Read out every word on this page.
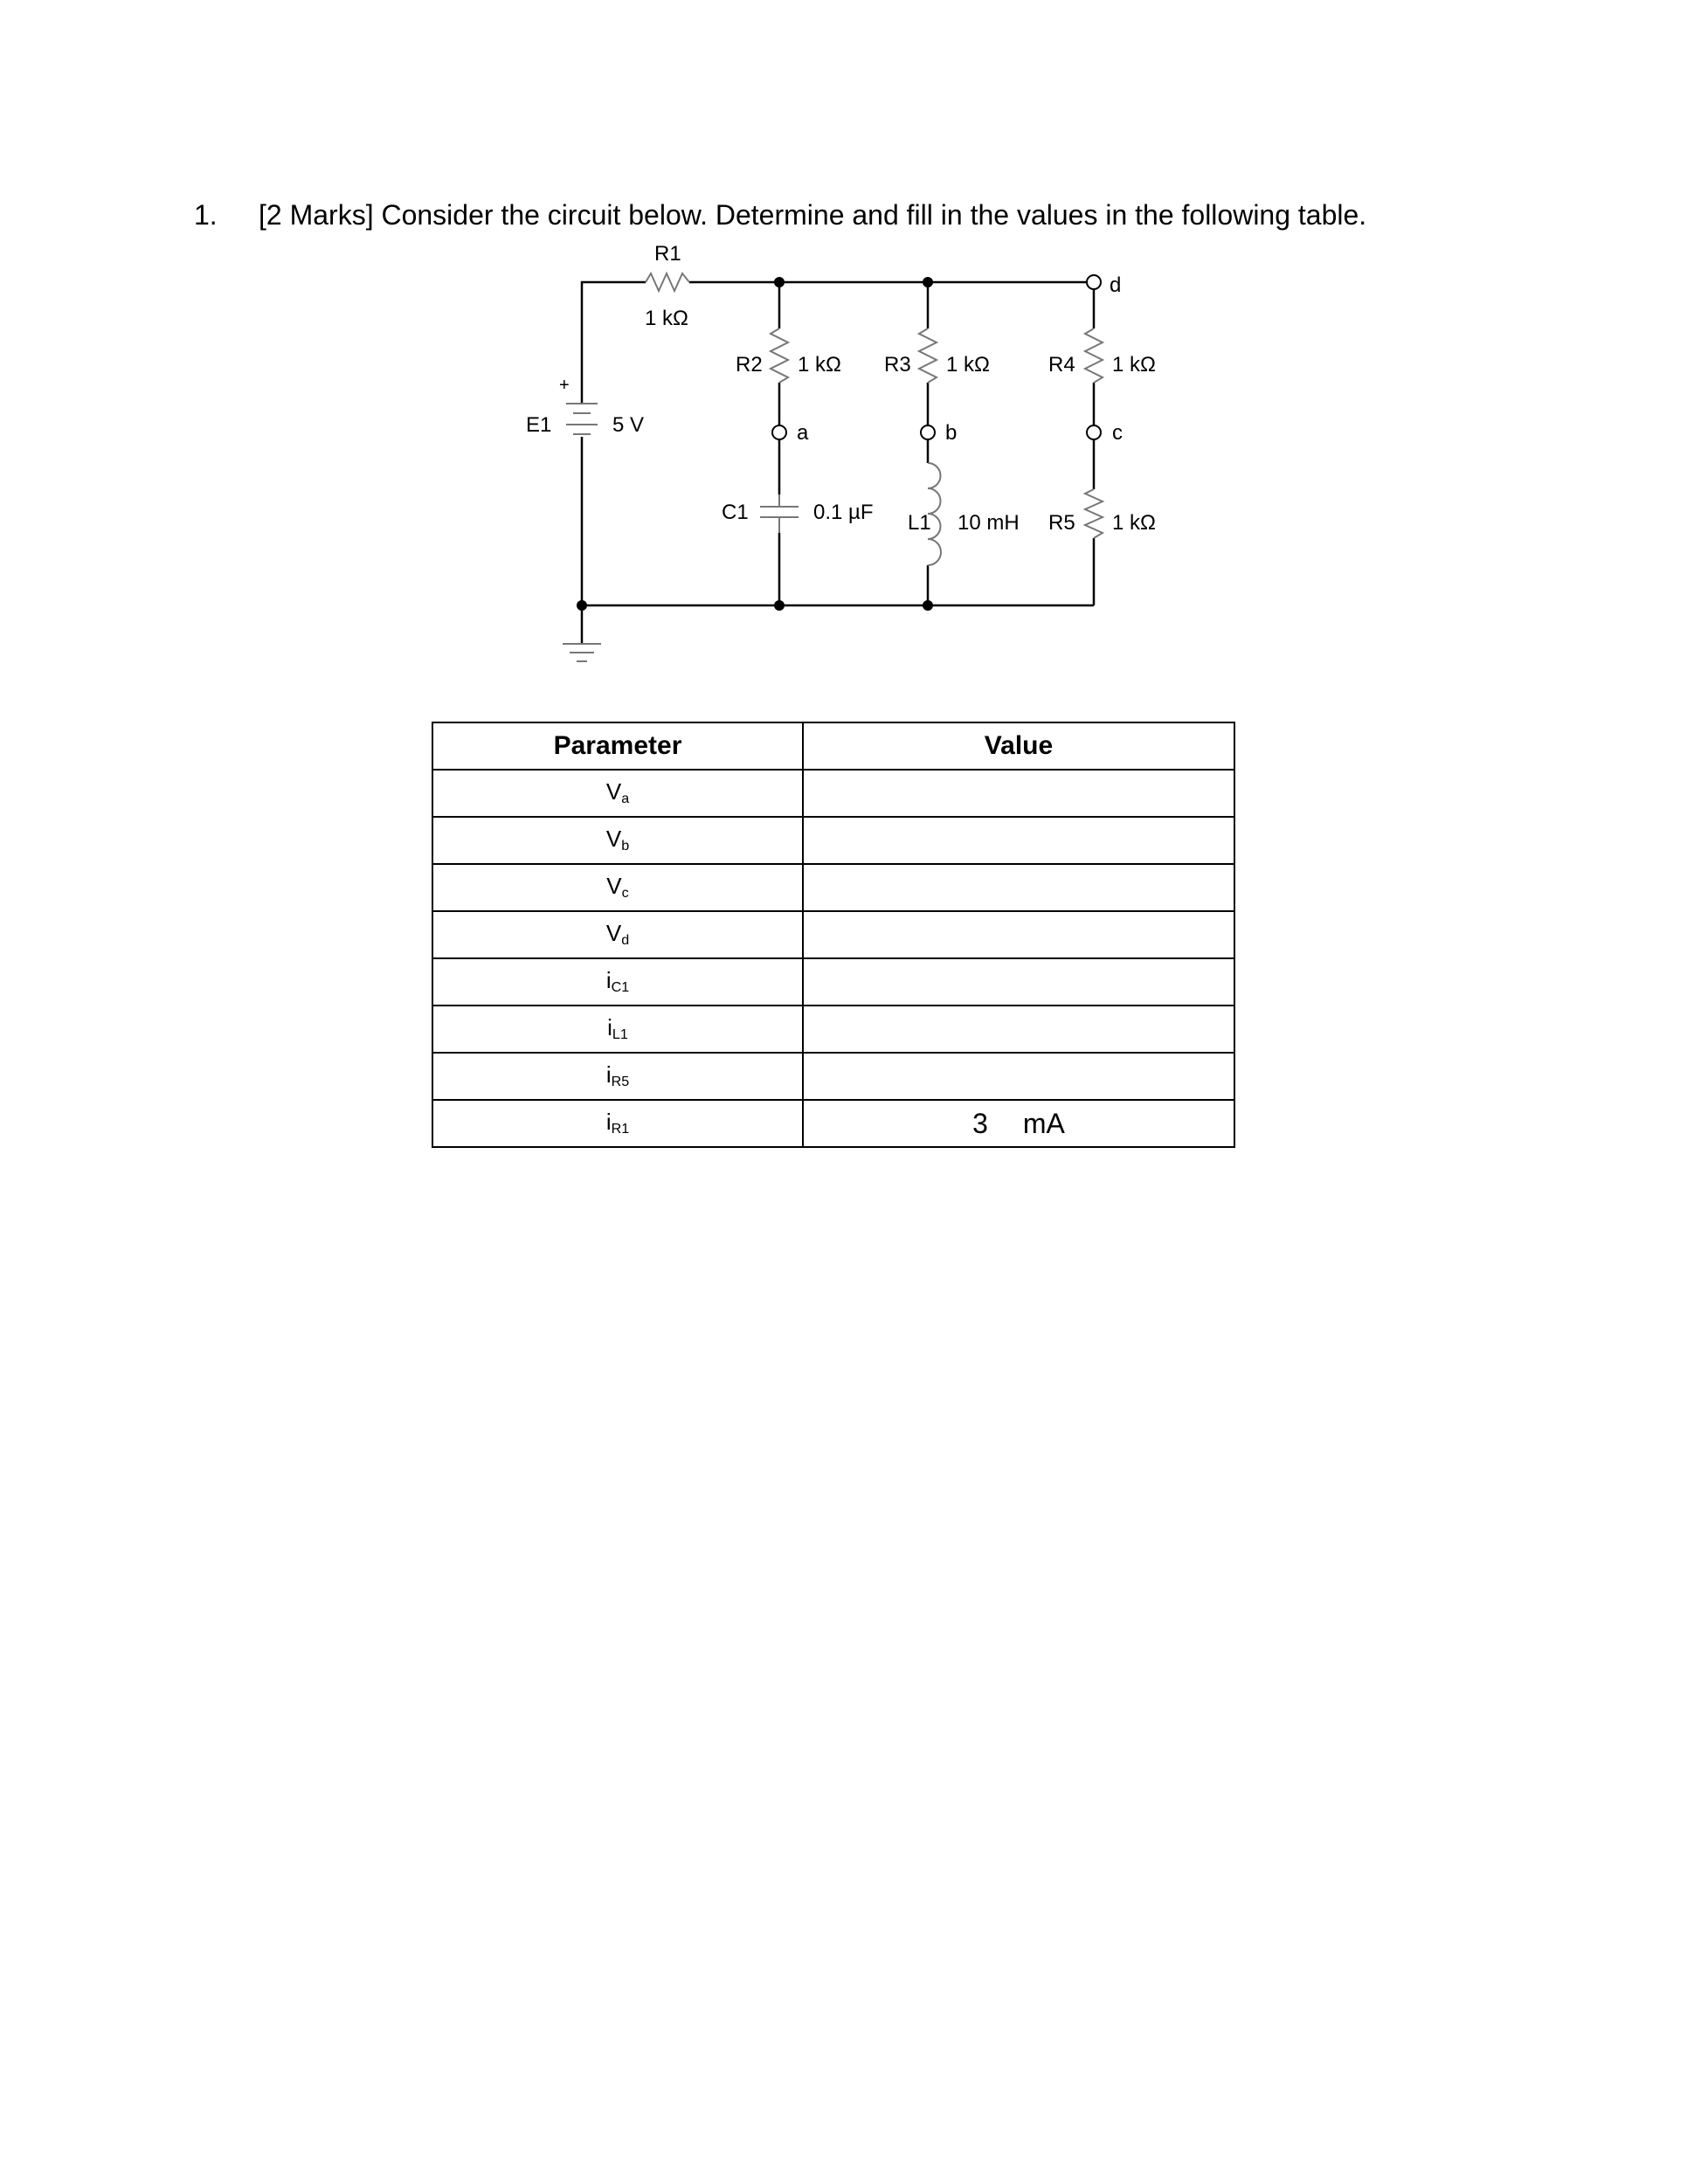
1. [2 Marks] Consider the circuit below. Determine and fill in the values in the following table.
R1
1 kΩ
R2 1 kΩ R3 1 kΩ	R4 1 kΩ
C1	0.1 µF L1 10 mH R5 1 kΩ
E1	5 V
+
d
a	b	c
Parameter	Value
$V_a$	
$V_b$	
$V_c$	
$V_d$	
$i_{C1}$	
$i_{L1}$	
$i_{R5}$	
$i_{R1}$	3 mA
